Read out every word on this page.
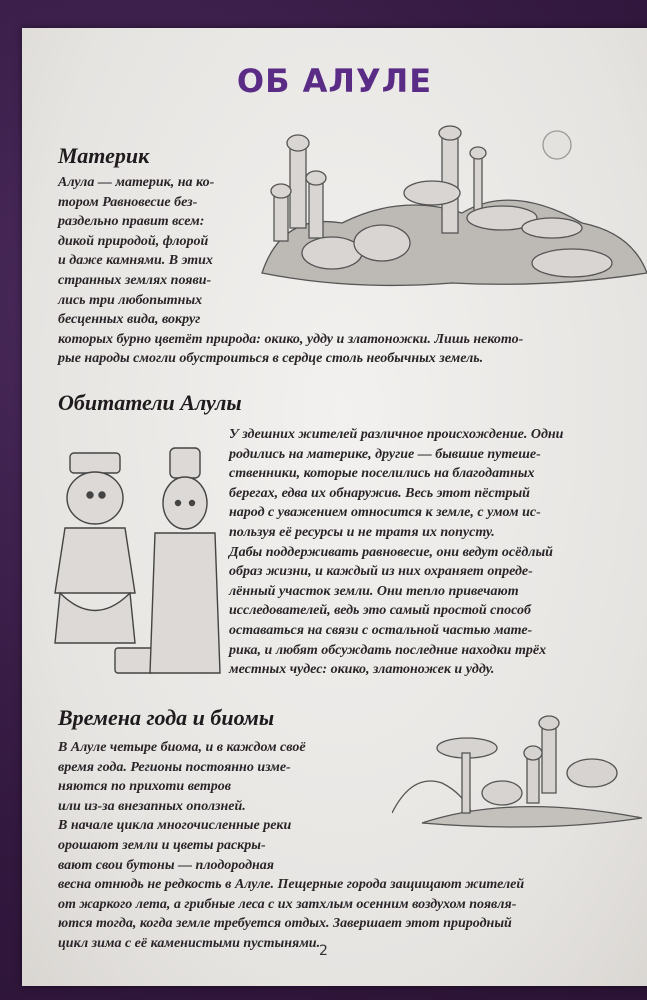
ОБ АЛУЛЕ
Материк
Алула — материк, на ко-
тором Равновесие без-
раздельно правит всем:
дикой природой, флорой
и даже камнями. В этих
странных землях появи-
лись три любопытных
бесценных вида, вокруг
которых бурно цветёт природа: окико, удду и златоножки. Лишь некото-
рые народы смогли обустроиться в сердце столь необычных земель.
Обитатели Алулы
У здешних жителей различное происхождение. Одни
родились на материке, другие — бывшие путеше-
ственники, которые поселились на благодатных
берегах, едва их обнаружив. Весь этот пёстрый
народ с уважением относится к земле, с умом ис-
пользуя её ресурсы и не тратя их попусту.
Дабы поддерживать равновесие, они ведут осёдлый
образ жизни, и каждый из них охраняет опреде-
лённый участок земли. Они тепло привечают
исследователей, ведь это самый простой способ
оставаться на связи с остальной частью мате-
рика, и любят обсуждать последние находки трёх
местных чудес: окико, златоножек и удду.
Времена года и биомы
В Алуле четыре биома, и в каждом своё
время года. Регионы постоянно изме-
няются по прихоти ветров
или из-за внезапных оползней.
В начале цикла многочисленные реки
орошают земли и цветы раскры-
вают свои бутоны — плодородная
весна отнюдь не редкость в Алуле. Пещерные города защищают жителей
от жаркого лета, а грибные леса с их затхлым осенним воздухом появля-
ются тогда, когда земле требуется отдых. Завершает этот природный
цикл зима с её каменистыми пустынями.
2
